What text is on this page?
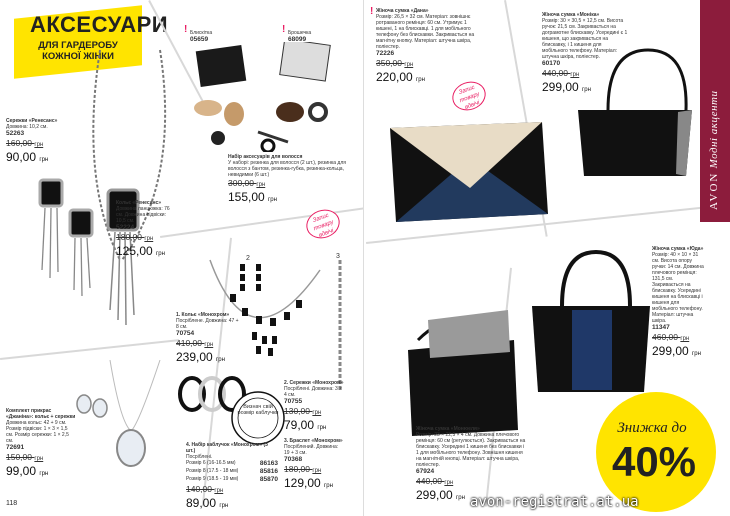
АКСЕСУАРИ
ДЛЯ ГАРДЕРОБУ КОЖНОЇ ЖІНКИ
Сережки «Ренесанс»
Довжина: 10,2 см.
52263
160,00 грн
90,00 грн
Кольє «Ренесанс»
Довжина ланцюжка: 76 см. Довжина підвіски: 10,5 см.
52224
180,00 грн
125,00 грн
! Блискітка
05659
! Брошечка
68099
Набір аксесуарів для волосся
У наборі: резинка для волосся (2 шт.), резинка для волосся з бантом, резинка-губка, резинка-кольца, невидимки (6 шт.)
300,00 грн
155,00 грн
Запис товару вдвічі
2	3
1. Кольє «Монохром»
Посріблене. Довжина: 47 + 8 см.
70754
410,00 грн
239,00 грн
2. Сережки «Монохром»
Посріблені. Довжина: 3 × 4 см.
70755
130,00 грн
79,00 грн
3. Браслет «Монохром»
Посріблений. Довжина: 19 + 3 см.
70368
180,00 грн
129,00 грн
Визнач свій розмір каблучки
4. Набір каблучок «Монохром» (3 шт.)
Посріблені.
Розмір 6 (16-16.5 мм)	86163
Розмір 8 (17.5 - 18 мм)	85816
Розмір 9 (18.5 - 19 мм)	85870
140,00 грн
89,00 грн
Комплект прикрас «Джаніна»: кольє + сережки
Довжина кольє: 42 + 9 см. Розмір підвіски: 1 × 3 × 1,5 см. Розмір сережки: 1 × 2,5 см.
72691
150,00 грн
99,00 грн
118
AVON Модні акценти
! Жіноча сумка «Дана»
Розмір: 26,5 × 32 см. Матеріал: зовнішнє ротраваного ремінця: 60 см. Утримує 1 кишені, 1 на блискавці. 1 для мобільного телефону без блискавки. Закривається на магнітну кнопку. Матеріал: штучна шкіра, поліестер.
72226
350,00 грн
220,00 грн
Запис товару вдвічі
Жіноча сумка «Моніка»
Розмір: 30 × 30,5 × 12,5 см. Висота ручок: 21,5 см. Закривається на дограмотне блискавку. Усередині є 1 кишеня, що закривається на блискавку, і 1 кишеня для мобільного телефону. Матеріал: штучна шкіра, поліестер.
60170
440,00 грн
299,00 грн
Жіноча сумка «Юда»
Розмір: 40 × 10 × 31 см. Висота опору ручки: 14 см. Довжина плечового ремінця: 131,5 см. Закривається на блискавку. Усередині кишеня на блискавці і кишеня для мобільного телефону. Матеріал: штучна шкіра.
11347
460,00 грн
299,00 грн
Жіноча сумка «Монюеля»
Розмір: 23 × 22,5 × 4 см. Довжина плечового ремінця: 60 см (регулюється). Закривається на блискавку. Усередині 1 кишеня без блискавки і 1 для мобільного телефону. Зовнішня кишеня на магнітній кнопці. Матеріал: штучна шкіра, поліестер.
67924
440,00 грн
299,00 грн
Знижка до
40%
avon-registrat.at.ua
